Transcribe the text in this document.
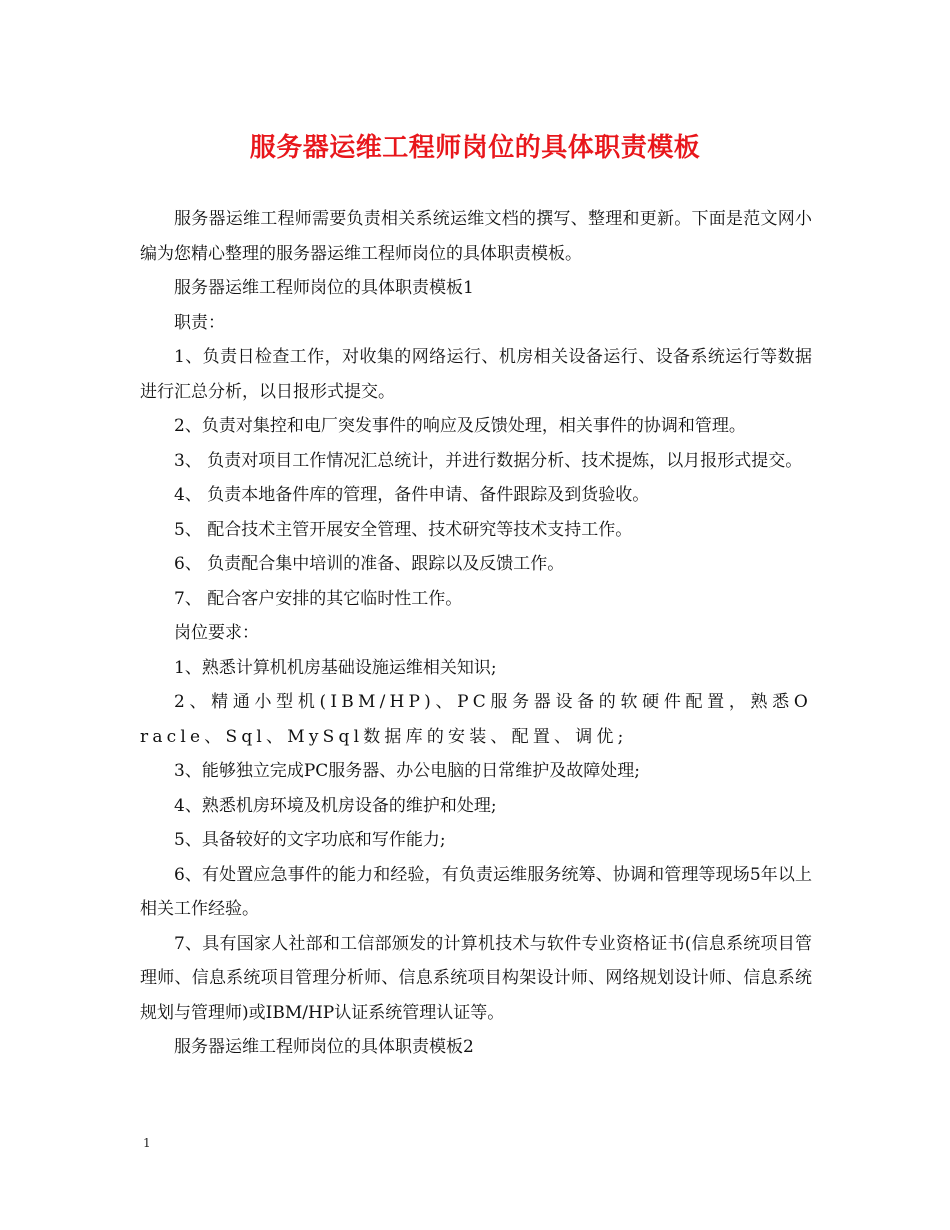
服务器运维工程师岗位的具体职责模板

服务器运维工程师需要负责相关系统运维文档的撰写、整理和更新。下面是范文网小编为您精心整理的服务器运维工程师岗位的具体职责模板。

服务器运维工程师岗位的具体职责模板1

职责：

1、负责日检查工作，对收集的网络运行、机房相关设备运行、设备系统运行等数据进行汇总分析，以日报形式提交。

2、负责对集控和电厂突发事件的响应及反馈处理，相关事件的协调和管理。

3、 负责对项目工作情况汇总统计，并进行数据分析、技术提炼，以月报形式提交。

4、 负责本地备件库的管理，备件申请、备件跟踪及到货验收。

5、 配合技术主管开展安全管理、技术研究等技术支持工作。

6、 负责配合集中培训的准备、跟踪以及反馈工作。

7、 配合客户安排的其它临时性工作。

岗位要求：

1、熟悉计算机机房基础设施运维相关知识;

2、精通小型机(IBM/HP)、PC服务器设备的软硬件配置，熟悉Oracle、Sql、MySql数据库的安装、配置、调优;

3、能够独立完成PC服务器、办公电脑的日常维护及故障处理;

4、熟悉机房环境及机房设备的维护和处理;

5、具备较好的文字功底和写作能力;

6、有处置应急事件的能力和经验，有负责运维服务统筹、协调和管理等现场5年以上相关工作经验。

7、具有国家人社部和工信部颁发的计算机技术与软件专业资格证书(信息系统项目管理师、信息系统项目管理分析师、信息系统项目构架设计师、网络规划设计师、信息系统规划与管理师)或IBM/HP认证系统管理认证等。

服务器运维工程师岗位的具体职责模板2

1
